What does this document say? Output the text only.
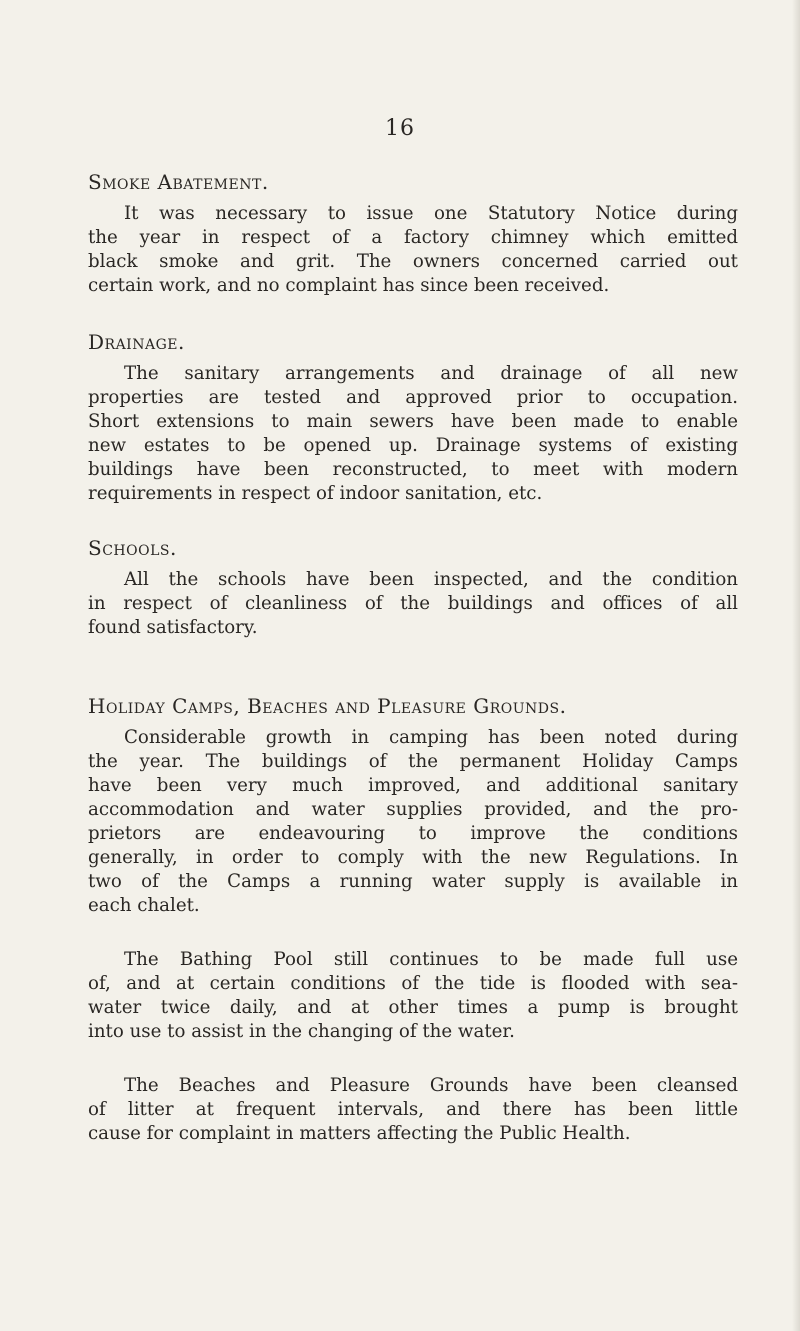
16
Smoke Abatement.

It was necessary to issue one Statutory Notice during
the year in respect of a factory chimney which emitted
black smoke and grit. The owners concerned carried out
certain work, and no complaint has since been received.

Drainage.

The sanitary arrangements and drainage of all new
properties are tested and approved prior to occupation.
Short extensions to main sewers have been made to enable
new estates to be opened up. Drainage systems of existing
buildings have been reconstructed, to meet with modern
requirements in respect of indoor sanitation, etc.

Schools.

All the schools have been inspected, and the condition
in respect of cleanliness of the buildings and offices of all
found satisfactory.

Holiday Camps, Beaches and Pleasure Grounds.

Considerable growth in camping has been noted during
the year. The buildings of the permanent Holiday Camps
have been very much improved, and additional sanitary
accommodation and water supplies provided, and the pro-
prietors are endeavouring to improve the conditions
generally, in order to comply with the new Regulations. In
two of the Camps a running water supply is available in
each chalet.

The Bathing Pool still continues to be made full use
of, and at certain conditions of the tide is flooded with sea-
water twice daily, and at other times a pump is brought
into use to assist in the changing of the water.

The Beaches and Pleasure Grounds have been cleansed
of litter at frequent intervals, and there has been little
cause for complaint in matters affecting the Public Health.
